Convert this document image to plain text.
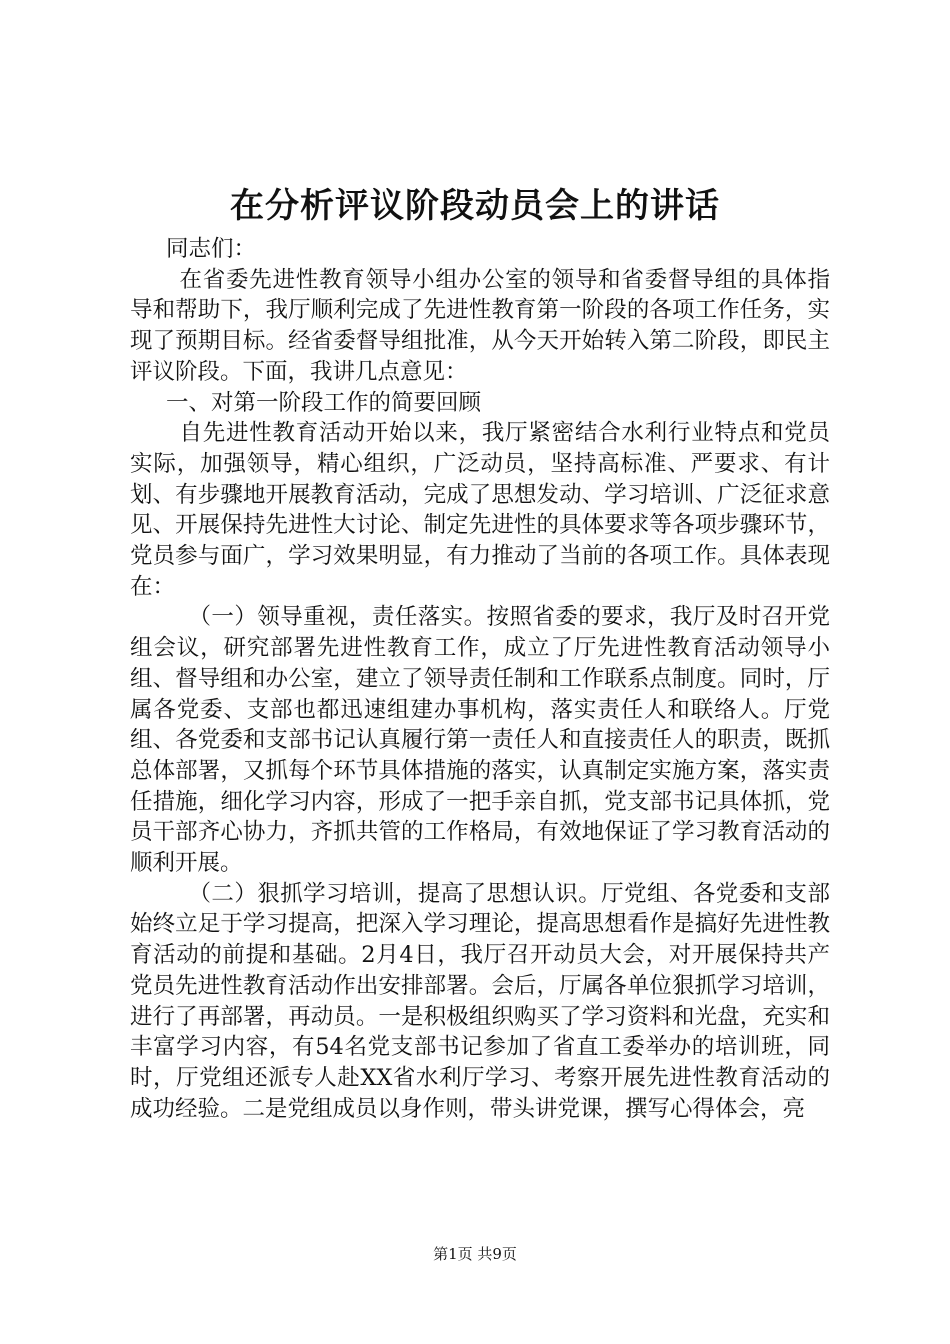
在分析评议阶段动员会上的讲话

同志们：

在省委先进性教育领导小组办公室的领导和省委督导组的具体指导和帮助下，我厅顺利完成了先进性教育第一阶段的各项工作任务，实现了预期目标。经省委督导组批准，从今天开始转入第二阶段，即民主评议阶段。下面，我讲几点意见：

一、对第一阶段工作的简要回顾

自先进性教育活动开始以来，我厅紧密结合水利行业特点和党员实际，加强领导，精心组织，广泛动员，坚持高标准、严要求、有计划、有步骤地开展教育活动，完成了思想发动、学习培训、广泛征求意见、开展保持先进性大讨论、制定先进性的具体要求等各项步骤环节，党员参与面广，学习效果明显，有力推动了当前的各项工作。具体表现在：

（一）领导重视，责任落实。按照省委的要求，我厅及时召开党组会议，研究部署先进性教育工作，成立了厅先进性教育活动领导小组、督导组和办公室，建立了领导责任制和工作联系点制度。同时，厅属各党委、支部也都迅速组建办事机构，落实责任人和联络人。厅党组、各党委和支部书记认真履行第一责任人和直接责任人的职责，既抓总体部署，又抓每个环节具体措施的落实，认真制定实施方案，落实责任措施，细化学习内容，形成了一把手亲自抓，党支部书记具体抓，党员干部齐心协力，齐抓共管的工作格局，有效地保证了学习教育活动的顺利开展。

（二）狠抓学习培训，提高了思想认识。厅党组、各党委和支部始终立足于学习提高，把深入学习理论，提高思想看作是搞好先进性教育活动的前提和基础。2月4日，我厅召开动员大会，对开展保持共产党员先进性教育活动作出安排部署。会后，厅属各单位狠抓学习培训，进行了再部署，再动员。一是积极组织购买了学习资料和光盘，充实和丰富学习内容，有54名党支部书记参加了省直工委举办的培训班，同时，厅党组还派专人赴XX省水利厅学习、考察开展先进性教育活动的成功经验。二是党组成员以身作则，带头讲党课，撰写心得体会，亮

第1页 共9页
